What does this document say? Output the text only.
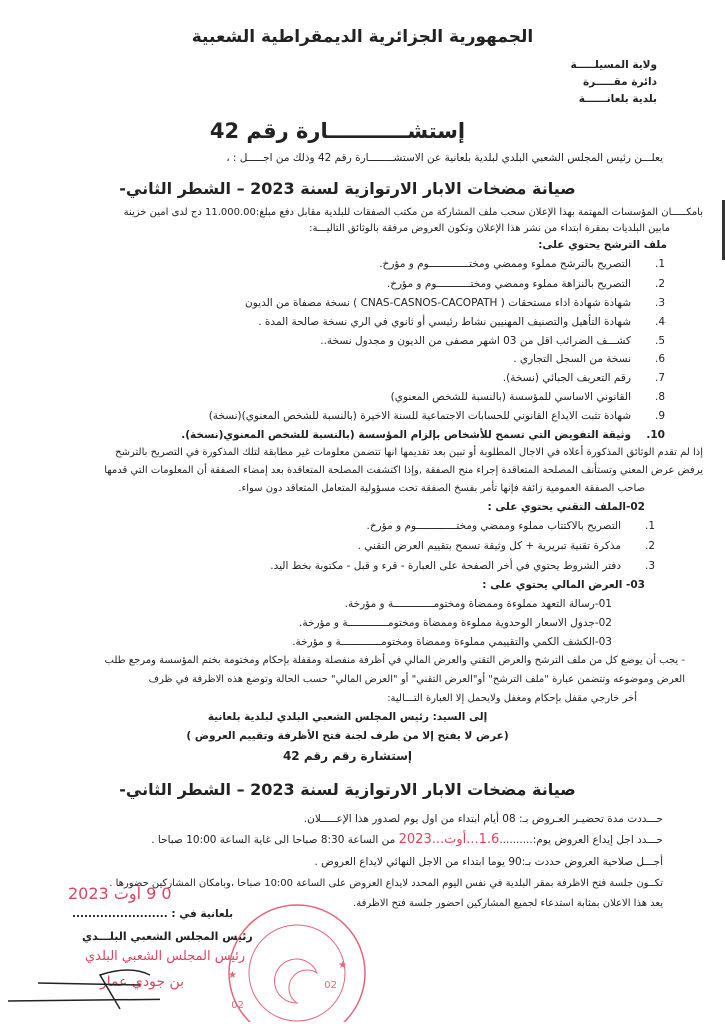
الجمهورية الجزائرية الديمقراطية الشعبية
ولاية المسيلـــــة
دائرة مقـــــرة
بلدية بلعانــــــة
إستشـــــــــــارة رقم 42
يعلـــن رئيس المجلس الشعبي البلدي لبلدية بلعانية عن الاستشــــــــارة رقم 42 وذلك من اجـــــل : ،
صيانة مضخات الابار الارتوازية لسنة 2023 – الشطر الثاني-
بامكـــــان المؤسسات المهتمة بهذا الإعلان سحب ملف المشاركة من مكتب الصفقات للبلدية مقابل دفع مبلغ:11.000.00 دج لدى امين خزينة
مابين البلديات بمقرة ابتداء من نشر هذا الإعلان وتكون العروض مرفقة بالوثائق التاليـــة:
ملف الترشح يحتوي على:
إذا لم تقدم الوثائق المذكورة أعلاه في الاجال المطلوبة أو تبين بعد تقديمها انها تتضمن معلومات غير مطابقة لتلك المذكورة في التصريح بالترشح
يرفض عرض المعني وتستأنف المصلحة المتعاقدة إجراء منح الصفقة ,وإذا اكتشفت المصلحة المتعاقدة بعد إمضاء الصفقة أن المعلومات التي قدمها
صاحب الصفقة العمومية زائفة فإنها تأمر بفسخ الصفقة تحت مسؤولية المتعامل المتعاقد دون سواء.
02-الملف التقني يحتوي على :
03- العرض المالي يحتوي على :
01-رسالة التعهد مملوءة وممضاة ومختومـــــــــــــة و مؤرخة.
02-جدول الاسعار الوحدوية مملوءة وممضاة ومختومـــــــــــــة و مؤرخة.
03-الكشف الكمي والتقييمي مملوءة وممضاة ومختومـــــــــــــة و مؤرخة.
- يجب أن يوضع كل من ملف الترشح والعرض التقني والعرض المالي في أظرفة منفصلة ومقفلة بإحكام ومختومة بختم المؤسسة ومرجع طلب
العرض وموضوعه وتتضمن عبارة "ملف الترشح" أو"العرض التقني" أو "العرض المالي" حسب الحالة وتوضع هذه الاظرفة في ظرف
أخر خارجي مقفل بإحكام ومغفل ولايحمل إلا العبارة التـــالية:
إلى السيد: رئيس المجلس الشعبي البلدي لبلدية بلعانية
(عرض لا يفتح إلا من طرف لجنة فتح الأظرفة وتقييم العروض )
إستشارة رقم رقم 42
صيانة مضخات الابار الارتوازية لسنة 2023 – الشطر الثاني-
حـــددت مدة تحضيـر العـروض بـ: 08 أيام ابتداء من اول يوم لصدور هذا الإعـــــلان.
حـــدد اجل إيداع العروض يوم:..........1.6...أوت...2023 من الساعة 8:30 صباحا الى غاية الساعة 10:00 صباحا .
أجـــل صلاحية العروض حددت بـ:90 يوما ابتداء من الاجل النهائي لايداع العروض .
تكــون جلسة فتح الاظرفة بمقر البلدية في نفس اليوم المحدد لايداع العروض على الساعة 10:00 صباحا ،وبامكان المشاركين حضورها .
يعد هذا الاعلان بمثابة استدعاء لجميع المشاركين احضور جلسة فتح الاظرفة.
0 9 أوت 2023
بلعانية في : ........................
رئيس المجلس الشعبي البلـــدي
رئيس المجلس الشعبي البلدي
بن جودي عمار
02
02
★
★
1.التصريح بالترشح مملوء وممضي ومختـــــــــــــوم و مؤرخ.
2.التصريح بالنزاهة مملوء وممضي ومختـــــــــــوم و مؤرخ.
3.شهادة شهادة اداء مستحقات ( CNAS-CASNOS-CACOPATH ) نسخة مصفاة من الديون
4.شهادة التأهيل والتصنيف المهنيين نشاط رئيسي أو ثانوي في الري نسخة صالحة المدة .
5.كشـــف الضرائب اقل من 03 اشهر مصفى من الديون و مجدول نسخة..
6.نسخة من السجل التجاري .
7.رقم التعريف الجبائي (نسخة).
8.القانوني الاساسي للمؤسسة (بالنسبة للشخص المعنوي)
9.شهادة تثبت الايداع القانوني للحسابات الاجتماعية للسنة الاخيرة (بالنسبة للشخص المعنوي)(نسخة)
10.وثيقة التفويض التي تسمح للأشخاص بإلزام المؤسسة (بالنسبة للشخص المعنوي(نسخة).
1.التصريح بالاكتتاب مملوء وممضي ومختـــــــــــــوم و مؤرخ.
2.مذكرة تقنية تبريرية + كل وثيقة تسمح بتقييم العرض التقني .
3.دفتر الشروط يحتوي في أخر الصفحة على العبارة - قرء و قبل - مكتوبة بخط اليد.
